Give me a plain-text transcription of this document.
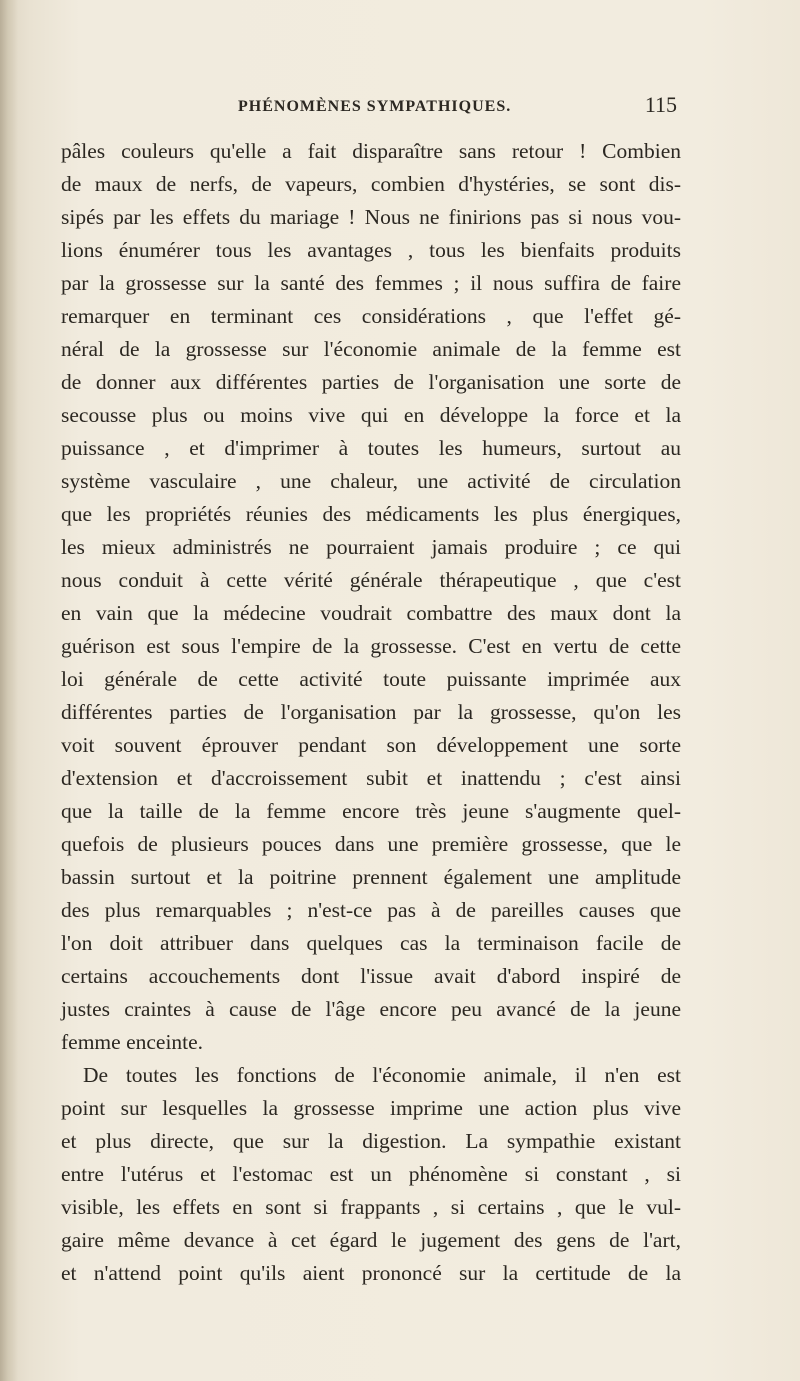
PHÉNOMÈNES SYMPATHIQUES.	115
pâles couleurs qu'elle a fait disparaître sans retour ! Combien
de maux de nerfs, de vapeurs, combien d'hystéries, se sont dis-
sipés par les effets du mariage ! Nous ne finirions pas si nous vou-
lions énumérer tous les avantages , tous les bienfaits produits
par la grossesse sur la santé des femmes ; il nous suffira de faire
remarquer en terminant ces considérations , que l'effet gé-
néral de la grossesse sur l'économie animale de la femme est
de donner aux différentes parties de l'organisation une sorte de
secousse plus ou moins vive qui en développe la force et la
puissance , et d'imprimer à toutes les humeurs, surtout au
système vasculaire , une chaleur, une activité de circulation
que les propriétés réunies des médicaments les plus énergiques,
les mieux administrés ne pourraient jamais produire ; ce qui
nous conduit à cette vérité générale thérapeutique , que c'est
en vain que la médecine voudrait combattre des maux dont la
guérison est sous l'empire de la grossesse. C'est en vertu de cette
loi générale de cette activité toute puissante imprimée aux
différentes parties de l'organisation par la grossesse, qu'on les
voit souvent éprouver pendant son développement une sorte
d'extension et d'accroissement subit et inattendu ; c'est ainsi
que la taille de la femme encore très jeune s'augmente quel-
quefois de plusieurs pouces dans une première grossesse, que le
bassin surtout et la poitrine prennent également une amplitude
des plus remarquables ; n'est-ce pas à de pareilles causes que
l'on doit attribuer dans quelques cas la terminaison facile de
certains accouchements dont l'issue avait d'abord inspiré de
justes craintes à cause de l'âge encore peu avancé de la jeune
femme enceinte.
De toutes les fonctions de l'économie animale, il n'en est
point sur lesquelles la grossesse imprime une action plus vive
et plus directe, que sur la digestion. La sympathie existant
entre l'utérus et l'estomac est un phénomène si constant , si
visible, les effets en sont si frappants , si certains , que le vul-
gaire même devance à cet égard le jugement des gens de l'art,
et n'attend point qu'ils aient prononcé sur la certitude de la
